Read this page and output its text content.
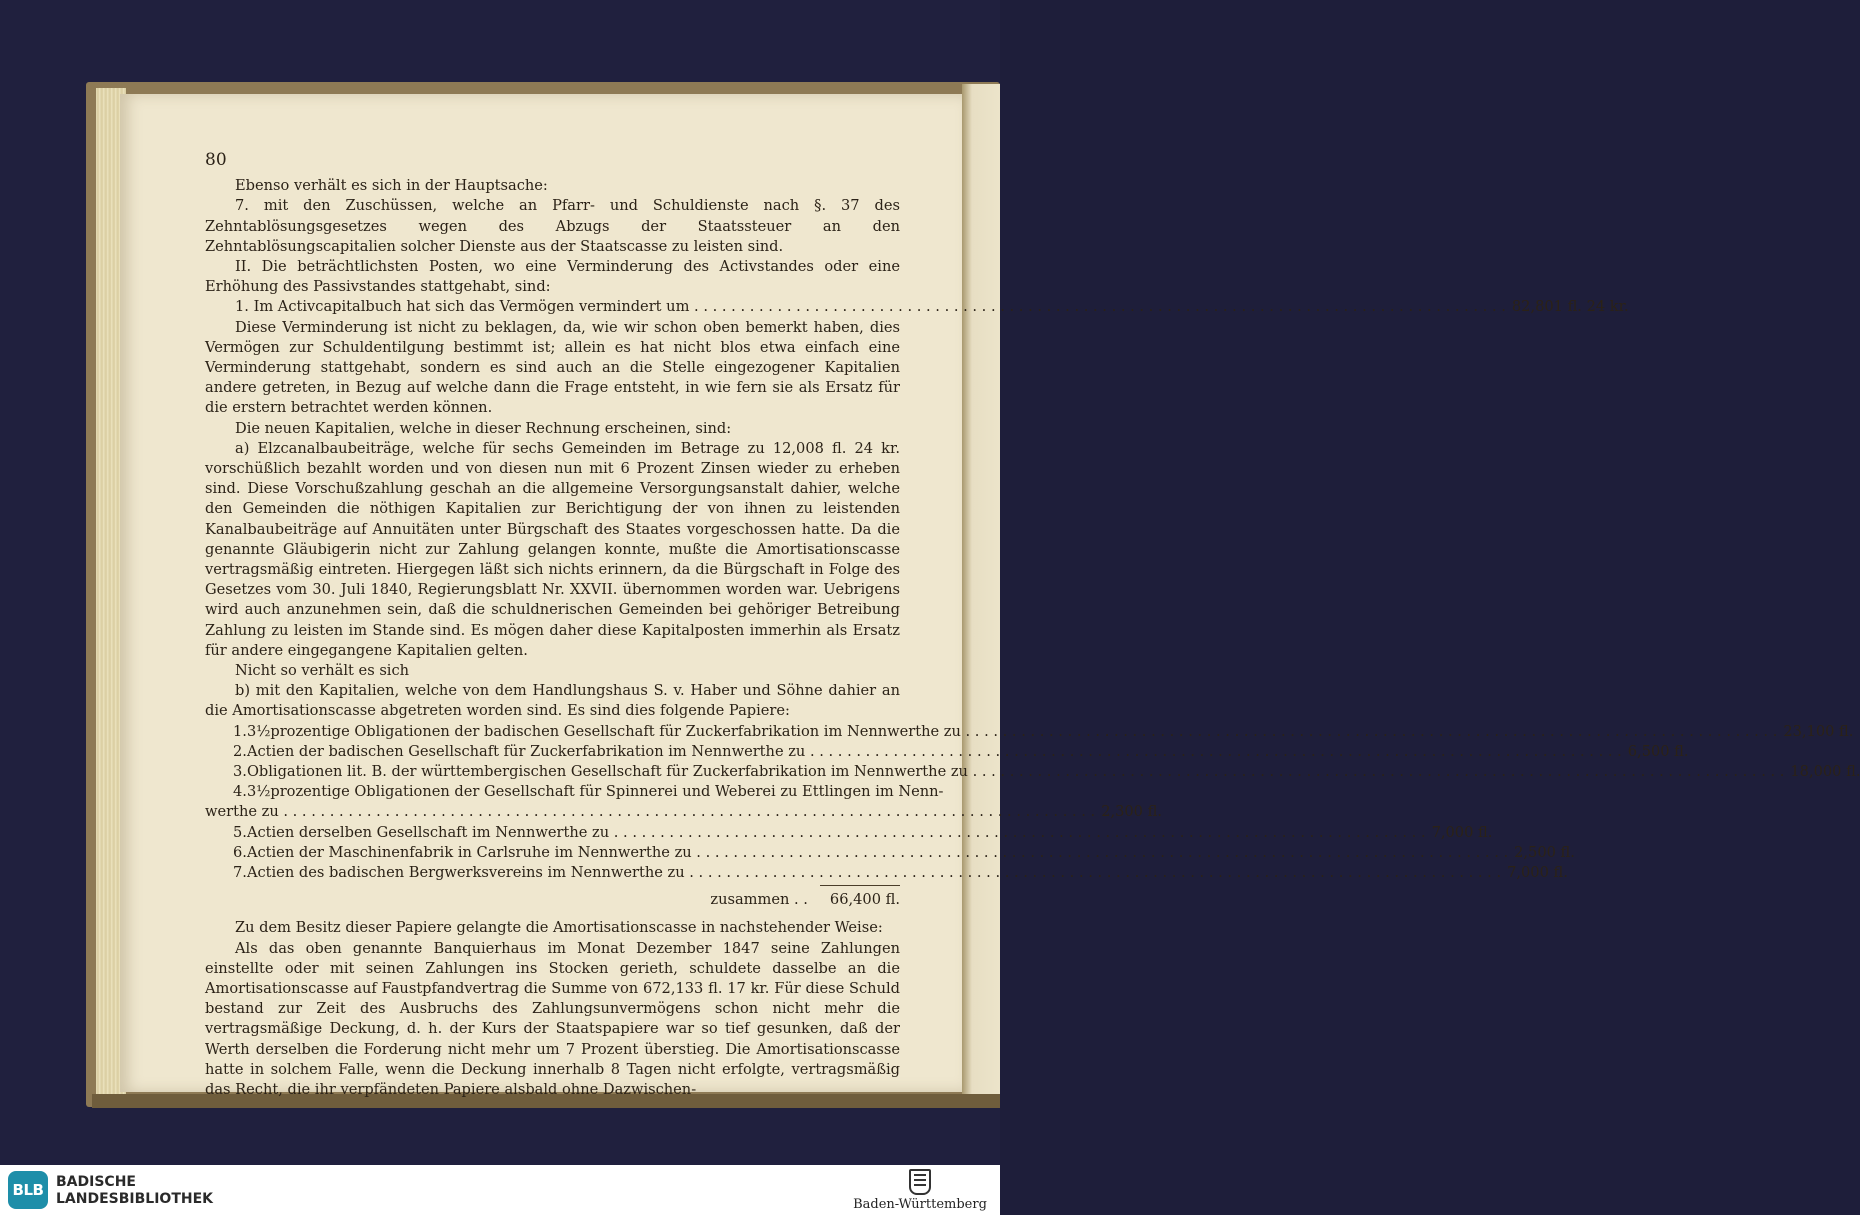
80

Ebenso verhält es sich in der Hauptsache:

7. mit den Zuschüssen, welche an Pfarr- und Schuldienste nach §. 37 des Zehntablösungsgesetzes wegen des Abzugs der Staatssteuer an den Zehntablösungscapitalien solcher Dienste aus der Staatscasse zu leisten sind.

II. Die beträchtlichsten Posten, wo eine Verminderung des Activstandes oder eine Erhöhung des Passivstandes stattgehabt, sind:

1. Im Activcapitalbuch hat sich das Vermögen vermindert um . . .	82,801 fl. 24 kr.

Diese Verminderung ist nicht zu beklagen, da, wie wir schon oben bemerkt haben, dies Vermögen zur Schuldentilgung bestimmt ist; allein es hat nicht blos etwa einfach eine Verminderung stattgehabt, sondern es sind auch an die Stelle eingezogener Kapitalien andere getreten, in Bezug auf welche dann die Frage entsteht, in wie fern sie als Ersatz für die erstern betrachtet werden können.

Die neuen Kapitalien, welche in dieser Rechnung erscheinen, sind:

a) Elzcanalbaubeiträge, welche für sechs Gemeinden im Betrage zu 12,008 fl. 24 kr. vorschüßlich bezahlt worden und von diesen nun mit 6 Prozent Zinsen wieder zu erheben sind. Diese Vorschußzahlung geschah an die allgemeine Versorgungsanstalt dahier, welche den Gemeinden die nöthigen Kapitalien zur Berichtigung der von ihnen zu leistenden Kanalbaubeiträge auf Annuitäten unter Bürgschaft des Staates vorgeschossen hatte. Da die genannte Gläubigerin nicht zur Zahlung gelangen konnte, mußte die Amortisationscasse vertragsmäßig eintreten. Hiergegen läßt sich nichts erinnern, da die Bürgschaft in Folge des Gesetzes vom 30. Juli 1840, Regierungsblatt Nr. XXVII. übernommen worden war. Uebrigens wird auch anzunehmen sein, daß die schuldnerischen Gemeinden bei gehöriger Betreibung Zahlung zu leisten im Stande sind. Es mögen daher diese Kapitalposten immerhin als Ersatz für andere eingegangene Kapitalien gelten.

Nicht so verhält es sich

b) mit den Kapitalien, welche von dem Handlungshaus S. v. Haber und Söhne dahier an die Amortisationscasse abgetreten worden sind. Es sind dies folgende Papiere:

1. 3½prozentige Obligationen der badischen Gesellschaft für Zuckerfabrikation im Nennwerthe zu . . .	23,100 fl.
2. Actien der badischen Gesellschaft für Zuckerfabrikation im Nennwerthe zu . . .	6,500 fl.
3. Obligationen lit. B. der württembergischen Gesellschaft für Zuckerfabrikation im Nennwerthe zu . . .	18,000 fl.
4. 3½prozentige Obligationen der Gesellschaft für Spinnerei und Weberei zu Ettlingen im Nenn-
werthe zu . . .	2,300 fl.
5. Actien derselben Gesellschaft im Nennwerthe zu . . .	7,000 fl.
6. Actien der Maschinenfabrik in Carlsruhe im Nennwerthe zu . . .	2,500 fl.
7. Actien des badischen Bergwerksvereins im Nennwerthe zu . . .	7,000 fl.
zusammen . . 66,400 fl.

Zu dem Besitz dieser Papiere gelangte die Amortisationscasse in nachstehender Weise:

Als das oben genannte Banquierhaus im Monat Dezember 1847 seine Zahlungen einstellte oder mit seinen Zahlungen ins Stocken gerieth, schuldete dasselbe an die Amortisationscasse auf Faustpfandvertrag die Summe von 672,133 fl. 17 kr. Für diese Schuld bestand zur Zeit des Ausbruchs des Zahlungsunvermögens schon nicht mehr die vertragsmäßige Deckung, d. h. der Kurs der Staatspapiere war so tief gesunken, daß der Werth derselben die Forderung nicht mehr um 7 Prozent überstieg. Die Amortisationscasse hatte in solchem Falle, wenn die Deckung innerhalb 8 Tagen nicht erfolgte, vertragsmäßig das Recht, die ihr verpfändeten Papiere alsbald ohne Dazwischen-

BLB BADISCHE
LANDESBIBLIOTHEK	Baden-Württemberg
